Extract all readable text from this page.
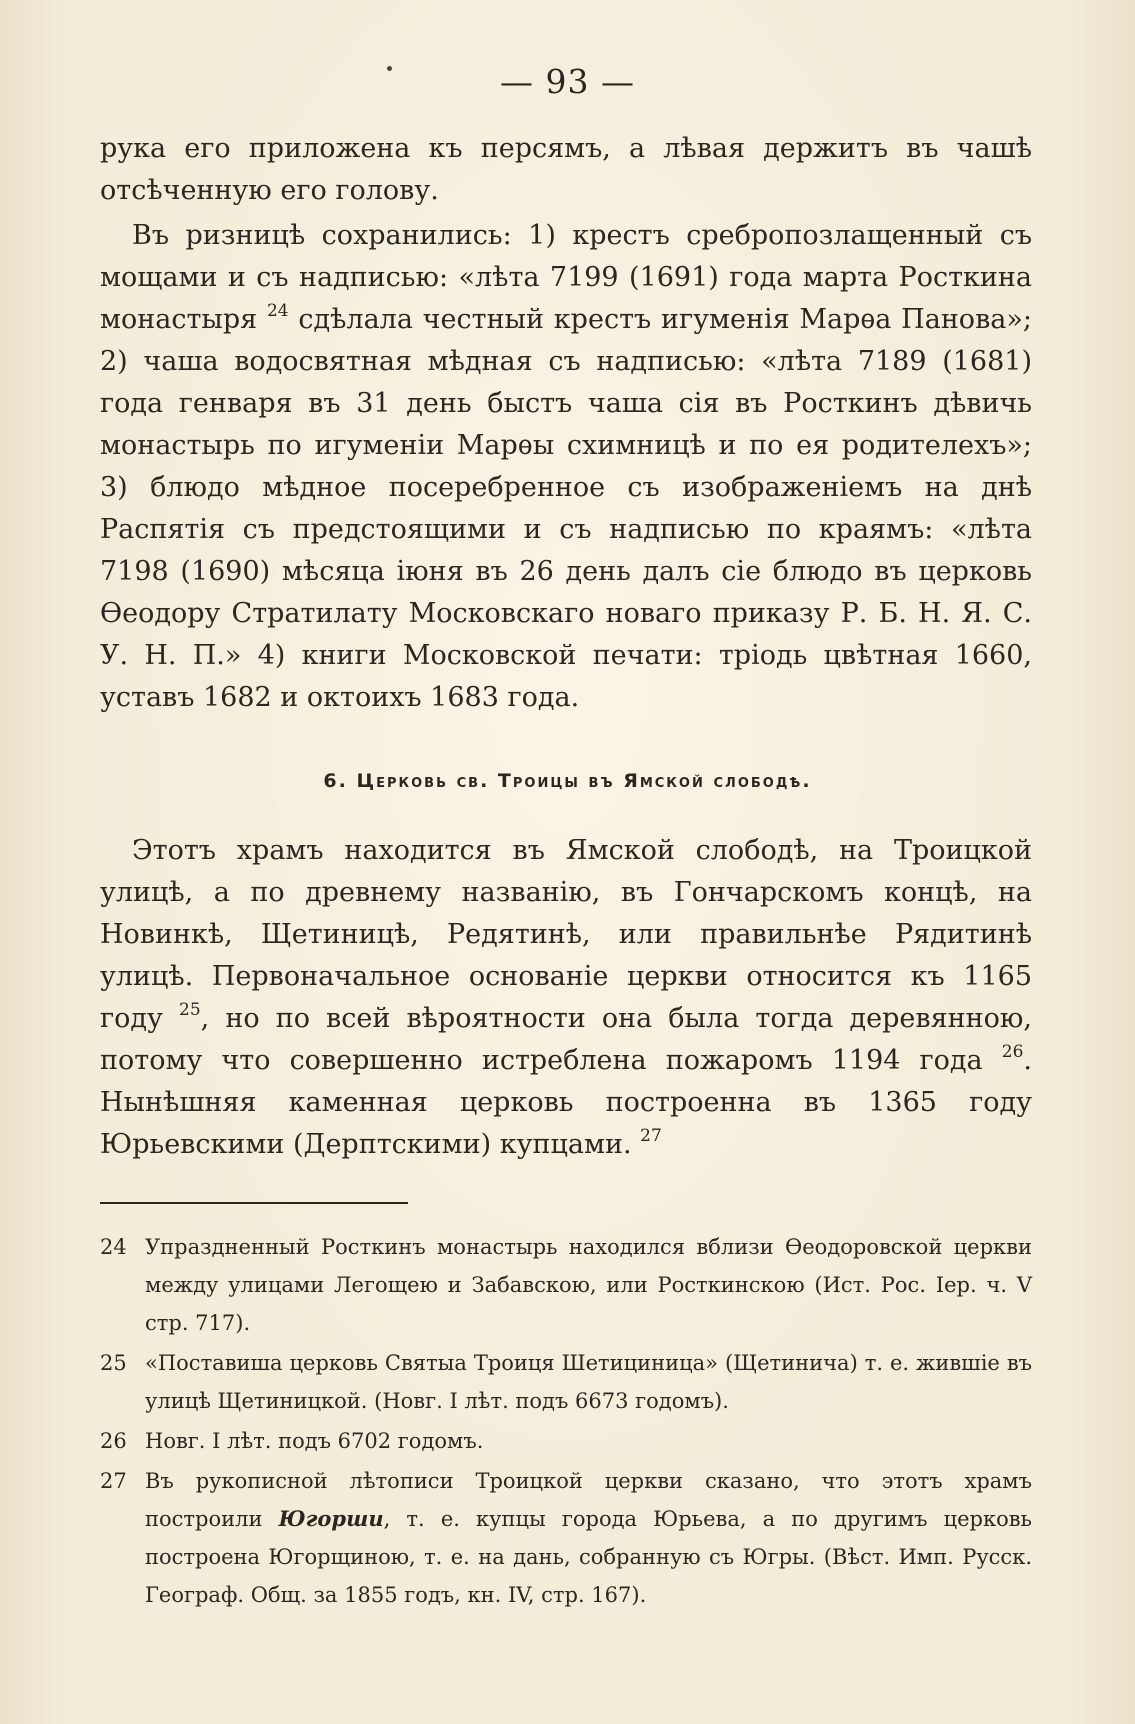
— 93 —

рука его приложена къ персямъ, а лѣвая держитъ въ чашѣ отсѣченную его голову.

Въ ризницѣ сохранились: 1) крестъ сребропозлащенный съ мощами и съ надписью: «лѣта 7199 (1691) года марта Росткина монастыря $^{24}$ сдѣлала честный крестъ игуменія Марѳа Панова»; 2) чаша водосвятная мѣдная съ надписью: «лѣта 7189 (1681) года генваря въ 31 день быстъ чаша сія въ Росткинъ дѣвичь монастырь по игуменіи Марѳы схимницѣ и по ея родителехъ»; 3) блюдо мѣдное посеребренное съ изображеніемъ на днѣ Распятія съ предстоящими и съ надписью по краямъ: «лѣта 7198 (1690) мѣсяца іюня въ 26 день далъ сіе блюдо въ церковь Ѳеодору Стратилату Московскаго новаго приказу Р. Б. Н. Я. С. У. Н. П.» 4) книги Московской печати: тріодь цвѣтная 1660, уставъ 1682 и октоихъ 1683 года.

6. Церковь св. Троицы въ Ямской слободѣ.

Этотъ храмъ находится въ Ямской слободѣ, на Троицкой улицѣ, а по древнему названію, въ Гончарскомъ концѣ, на Новинкѣ, Щетиницѣ, Редятинѣ, или правильнѣе Рядитинѣ улицѣ. Первоначальное основаніе церкви относится къ 1165 году $^{25}$, но по всей вѣроятности она была тогда деревянною, потому что совершенно истреблена пожаромъ 1194 года $^{26}$. Нынѣшняя каменная церковь построенна въ 1365 году Юрьевскими (Дерптскими) купцами. $^{27}$

24 Упраздненный Росткинъ монастырь находился вблизи Ѳеодоровской церкви между улицами Легощею и Забавскою, или Росткинскою (Ист. Рос. Іер. ч. V стр. 717).
25 «Поставиша церковь Святыа Троиця Шетициница» (Щетинича) т. е. жившіе въ улицѣ Щетиницкой. (Новг. I лѣт. подъ 6673 годомъ).
26 Новг. I лѣт. подъ 6702 годомъ.
27 Въ рукописной лѣтописи Троицкой церкви сказано, что этотъ храмъ построили Югорши, т. е. купцы города Юрьева, а по другимъ церковь построена Югорщиною, т. е. на дань, собранную съ Югры. (Вѣст. Имп. Русск. Географ. Общ. за 1855 годъ, кн. IV, стр. 167).
